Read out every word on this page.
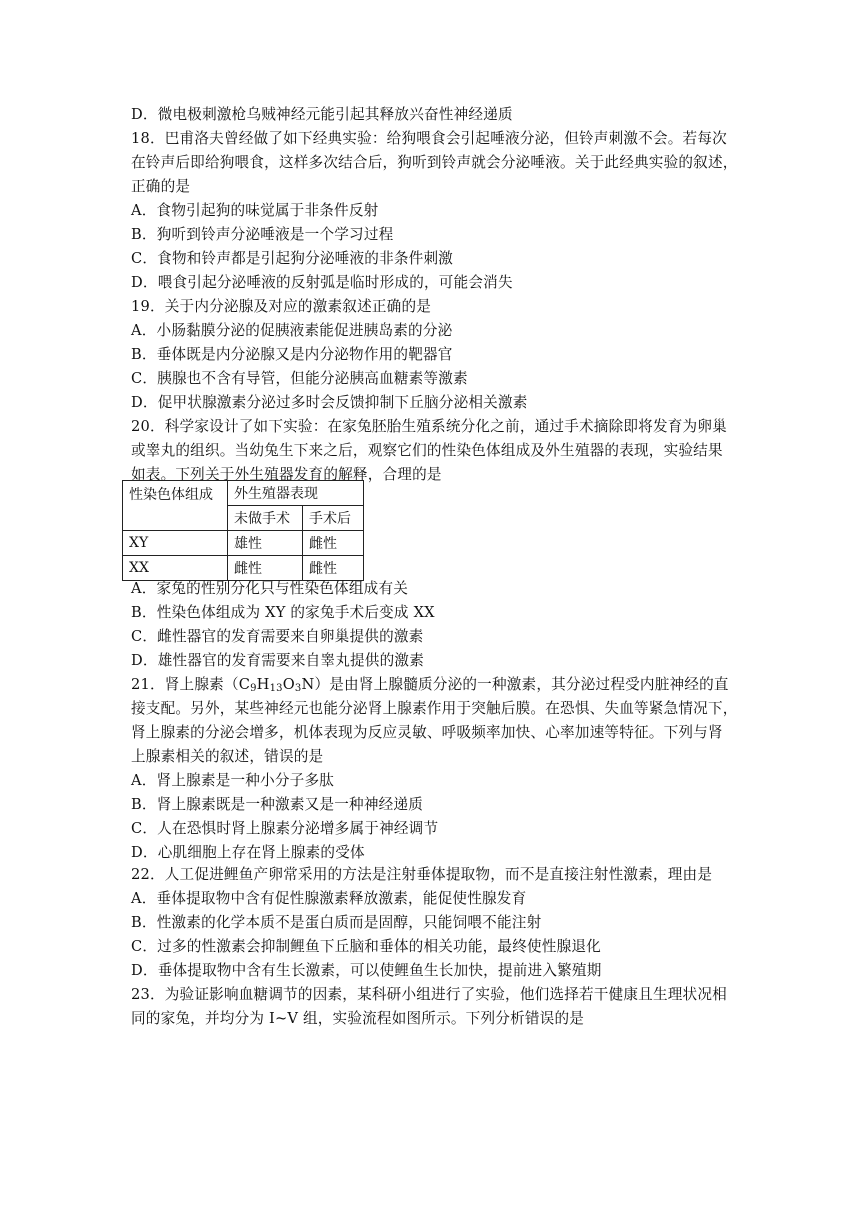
D．微电极刺激枪乌贼神经元能引起其释放兴奋性神经递质
18．巴甫洛夫曾经做了如下经典实验：给狗喂食会引起唾液分泌，但铃声刺激不会。若每次
在铃声后即给狗喂食，这样多次结合后，狗听到铃声就会分泌唾液。关于此经典实验的叙述，
正确的是
A．食物引起狗的味觉属于非条件反射
B．狗听到铃声分泌唾液是一个学习过程
C．食物和铃声都是引起狗分泌唾液的非条件刺激
D．喂食引起分泌唾液的反射弧是临时形成的，可能会消失
19．关于内分泌腺及对应的激素叙述正确的是
A．小肠黏膜分泌的促胰液素能促进胰岛素的分泌
B．垂体既是内分泌腺又是内分泌物作用的靶器官
C．胰腺也不含有导管，但能分泌胰高血糖素等激素
D．促甲状腺激素分泌过多时会反馈抑制下丘脑分泌相关激素
20．科学家设计了如下实验：在家兔胚胎生殖系统分化之前，通过手术摘除即将发育为卵巢
或睾丸的组织。当幼兔生下来之后，观察它们的性染色体组成及外生殖器的表现，实验结果
如表。下列关于外生殖器发育的解释，合理的是
性染色体组成	外生殖器表现	
	未做手术	手术后
XY	雄性	雌性
XX	雌性	雌性
A．家兔的性别分化只与性染色体组成有关
B．性染色体组成为 XY 的家兔手术后变成 XX
C．雌性器官的发育需要来自卵巢提供的激素
D．雄性器官的发育需要来自睾丸提供的激素
21．肾上腺素$(C_9H_{13}O_3N)$是由肾上腺髓质分泌的一种激素，其分泌过程受内脏神经的直
接支配。另外，某些神经元也能分泌肾上腺素作用于突触后膜。在恐惧、失血等紧急情况下，
肾上腺素的分泌会增多，机体表现为反应灵敏、呼吸频率加快、心率加速等特征。下列与肾
上腺素相关的叙述，错误的是
A．肾上腺素是一种小分子多肽
B．肾上腺素既是一种激素又是一种神经递质
C．人在恐惧时肾上腺素分泌增多属于神经调节
D．心肌细胞上存在肾上腺素的受体
22．人工促进鲤鱼产卵常采用的方法是注射垂体提取物，而不是直接注射性激素，理由是
A．垂体提取物中含有促性腺激素释放激素，能促使性腺发育
B．性激素的化学本质不是蛋白质而是固醇，只能饲喂不能注射
C．过多的性激素会抑制鲤鱼下丘脑和垂体的相关功能，最终使性腺退化
D．垂体提取物中含有生长激素，可以使鲤鱼生长加快，提前进入繁殖期
23．为验证影响血糖调节的因素，某科研小组进行了实验，他们选择若干健康且生理状况相
同的家兔，并均分为 I~V 组，实验流程如图所示。下列分析错误的是
